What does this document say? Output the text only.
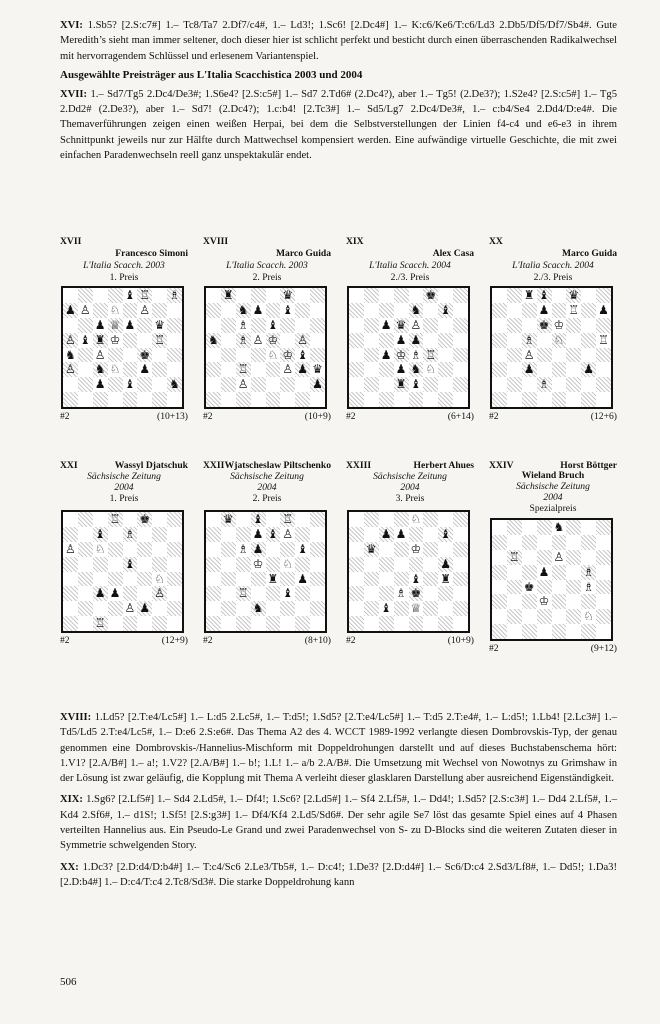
XVI: 1.Sb5? [2.S:c7#] 1.– Tc8/Ta7 2.Df7/c4#, 1.– Ld3!; 1.Sc6! [2.Dc4#] 1.– K:c6/Ke6/T:c6/Ld3 2.Db5/Df5/Df7/Sb4#. Gute Meredith’s sieht man immer seltener, doch dieser hier ist schlicht perfekt und besticht durch einen überraschenden Radikalwechsel mit hervorragendem Schlüssel und erlesenem Variantenspiel.

Ausgewählte Preisträger aus L'Italia Scacchistica 2003 und 2004

XVII: 1.– Sd7/Tg5 2.Dc4/De3#; 1.S6e4? [2.S:c5#] 1.– Sd7 2.Td6# (2.Dc4?), aber 1.– Tg5! (2.De3?); 1.S2e4? [2.S:c5#] 1.– Tg5 2.Dd2# (2.De3?), aber 1.– Sd7! (2.Dc4?); 1.c:b4! [2.Tc3#] 1.– Sd5/Lg7 2.Dc4/De3#, 1.– c:b4/Se4 2.Dd4/D:e4#. Die Themaverführungen zeigen einen weißen Herpai, bei dem die Selbstverstellungen der Linien f4-c4 und e6-e3 in ihrem Schnittpunkt jeweils nur zur Hälfte durch Mattwechsel kompensiert werden. Eine aufwändige virtuelle Geschichte, die mit zwei einfachen Paradenwechseln reell ganz unspektakulär endet.

XVII
Francesco Simoni
L'Italia Scacch. 2003
1. Preis
♝ ♖ ♗
♟ ♙ ♘ ♙
♟ ♕ ♟ ♛
♙ ♝ ♜ ♔	♖
♞ ♙	♚
♙ ♞ ♘ ♟
♟ ♝	♞
#2	(10+13)
XVIII
Marco Guida
L'Italia Scacch. 2003
2. Preis
♜	♛
♞ ♟ ♝
♗ ♝
♞ ♗ ♙ ♔ ♙
♘ ♔ ♝
♖	♙ ♟ ♛
♙	♟
#2	(10+9)
XIX
Alex Casa
L'Italia Scacch. 2004
2./3. Preis
♚
♞ ♝
♟ ♛ ♙
♟ ♟
♟ ♔ ♗ ♖
♟ ♞ ♘
♜ ♝
#2	(6+14)
XX
Marco Guida
L'Italia Scacch. 2004
2./3. Preis
♜ ♝ ♛
♟ ♖ ♟
♚ ♔
♗ ♘	♖
♙
♟	♟
♗
#2	(12+6)
XXI	Wassyl Djatschuk
Sächsische Zeitung
2004
1. Preis
♖ ♚
♝ ♗
♙ ♘
♝
♘
♟ ♟	♙
♙ ♟
♖
#2	(12+9)
XXII Wjatscheslaw Piltschenko
Sächsische Zeitung
2004
2. Preis
♛ ♝ ♖
♟ ♝ ♙
♗ ♟	♝
♔ ♘
♜ ♟
♖	♝
♞
#2	(8+10)
XXIII	Herbert Ahues
Sächsische Zeitung
2004
3. Preis
♘
♟ ♟	♝
♛	♔
♟
♝ ♜
♗ ♚
♝ ♕
#2	(10+9)
XXIV	Horst Böttger
Wieland Bruch
Sächsische Zeitung
2004
Spezialpreis
♞
♖	♙
♟	♗
♚	♗
♔
♘
#2	(9+12)

XVIII: 1.Ld5? [2.T:e4/Lc5#] 1.– L:d5 2.Lc5#, 1.– T:d5!; 1.Sd5? [2.T:e4/Lc5#] 1.– T:d5 2.T:e4#, 1.– L:d5!; 1.Lb4! [2.Lc3#] 1.– Td5/Ld5 2.T:e4/Lc5#, 1.– D:e6 2.S:e6#. Das Thema A2 des 4. WCCT 1989-1992 verlangte diesen Dombrovskis-Typ, der genau genommen eine Dombrovskis-/Hannelius-Mischform mit Doppeldrohungen darstellt und auf dieses Buchstabenschema hört: 1.V1? [2.A/B#] 1.– a!; 1.V2? [2.A/B#] 1.– b!; 1.L! 1.– a/b 2.A/B#. Die Umsetzung mit Wechsel von Nowotnys zu Grimshaw in der Lösung ist zwar geläufig, die Kopplung mit Thema A verleiht dieser glasklaren Darstellung aber ausreichend Eigenständigkeit.

XIX: 1.Sg6? [2.Lf5#] 1.– Sd4 2.Ld5#, 1.– Df4!; 1.Sc6? [2.Ld5#] 1.– Sf4 2.Lf5#, 1.– Dd4!; 1.Sd5? [2.S:c3#] 1.– Dd4 2.Lf5#, 1.– Kd4 2.Sf6#, 1.– d1S!; 1.Sf5! [2.S:g3#] 1.– Df4/Kf4 2.Ld5/Sd6#. Der sehr agile Se7 löst das gesamte Spiel eines auf 4 Phasen verteilten Hannelius aus. Ein Pseudo-Le Grand und zwei Paradenwechsel von S- zu D-Blocks sind die weiteren Zutaten dieser in Symmetrie schwelgenden Story.

XX: 1.Dc3? [2.D:d4/D:b4#] 1.– T:c4/Sc6 2.Le3/Tb5#, 1.– D:c4!; 1.De3? [2.D:d4#] 1.– Sc6/D:c4 2.Sd3/Lf8#, 1.– Dd5!; 1.Da3! [2.D:b4#] 1.– D:c4/T:c4 2.Tc8/Sd3#. Die starke Doppeldrohung kann

506
